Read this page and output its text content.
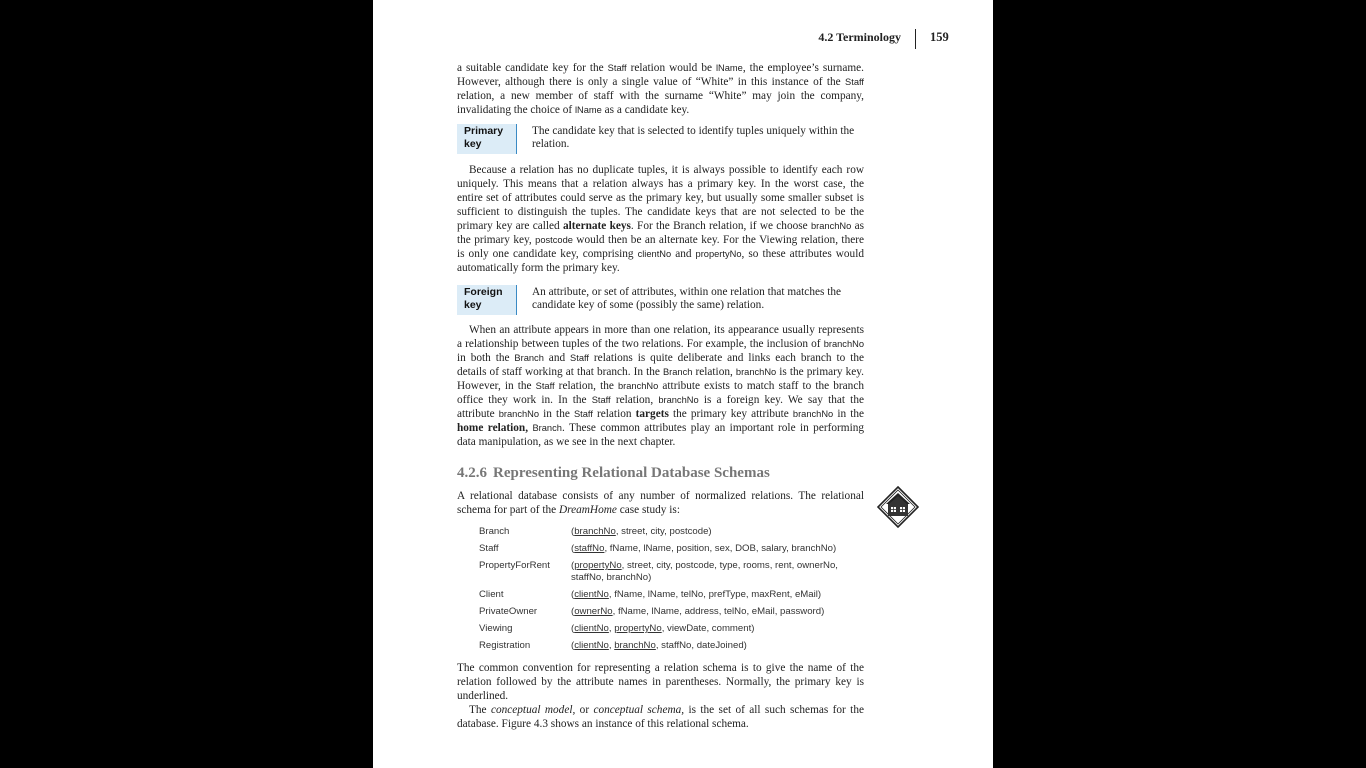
4.2 Terminology 159

a suitable candidate key for the Staff relation would be lName, the employee’s surname. However, although there is only a single value of “White” in this instance of the Staff relation, a new member of staff with the surname “White” may join the company, invalidating the choice of lName as a candidate key.

Primary key
The candidate key that is selected to identify tuples uniquely within the relation.

Because a relation has no duplicate tuples, it is always possible to identify each row uniquely. This means that a relation always has a primary key. In the worst case, the entire set of attributes could serve as the primary key, but usually some smaller subset is sufficient to distinguish the tuples. The candidate keys that are not selected to be the primary key are called alternate keys. For the Branch relation, if we choose branchNo as the primary key, postcode would then be an alternate key. For the Viewing relation, there is only one candidate key, comprising clientNo and propertyNo, so these attributes would automatically form the primary key.

Foreign key
An attribute, or set of attributes, within one relation that matches the candidate key of some (possibly the same) relation.

When an attribute appears in more than one relation, its appearance usually represents a relationship between tuples of the two relations. For example, the inclusion of branchNo in both the Branch and Staff relations is quite deliberate and links each branch to the details of staff working at that branch. In the Branch relation, branchNo is the primary key. However, in the Staff relation, the branchNo attribute exists to match staff to the branch office they work in. In the Staff relation, branchNo is a foreign key. We say that the attribute branchNo in the Staff relation targets the primary key attribute branchNo in the home relation, Branch. These common attributes play an important role in performing data manipulation, as we see in the next chapter.

4.2.6 Representing Relational Database Schemas

A relational database consists of any number of normalized relations. The relational schema for part of the DreamHome case study is:

Branch	(branchNo, street, city, postcode)
Staff	(staffNo, fName, lName, position, sex, DOB, salary, branchNo)
PropertyForRent	(propertyNo, street, city, postcode, type, rooms, rent, ownerNo, staffNo, branchNo)
Client	(clientNo, fName, lName, telNo, prefType, maxRent, eMail)
PrivateOwner	(ownerNo, fName, lName, address, telNo, eMail, password)
Viewing	(clientNo, propertyNo, viewDate, comment)
Registration	(clientNo, branchNo, staffNo, dateJoined)

The common convention for representing a relation schema is to give the name of the relation followed by the attribute names in parentheses. Normally, the primary key is underlined.

The conceptual model, or conceptual schema, is the set of all such schemas for the database. Figure 4.3 shows an instance of this relational schema.
